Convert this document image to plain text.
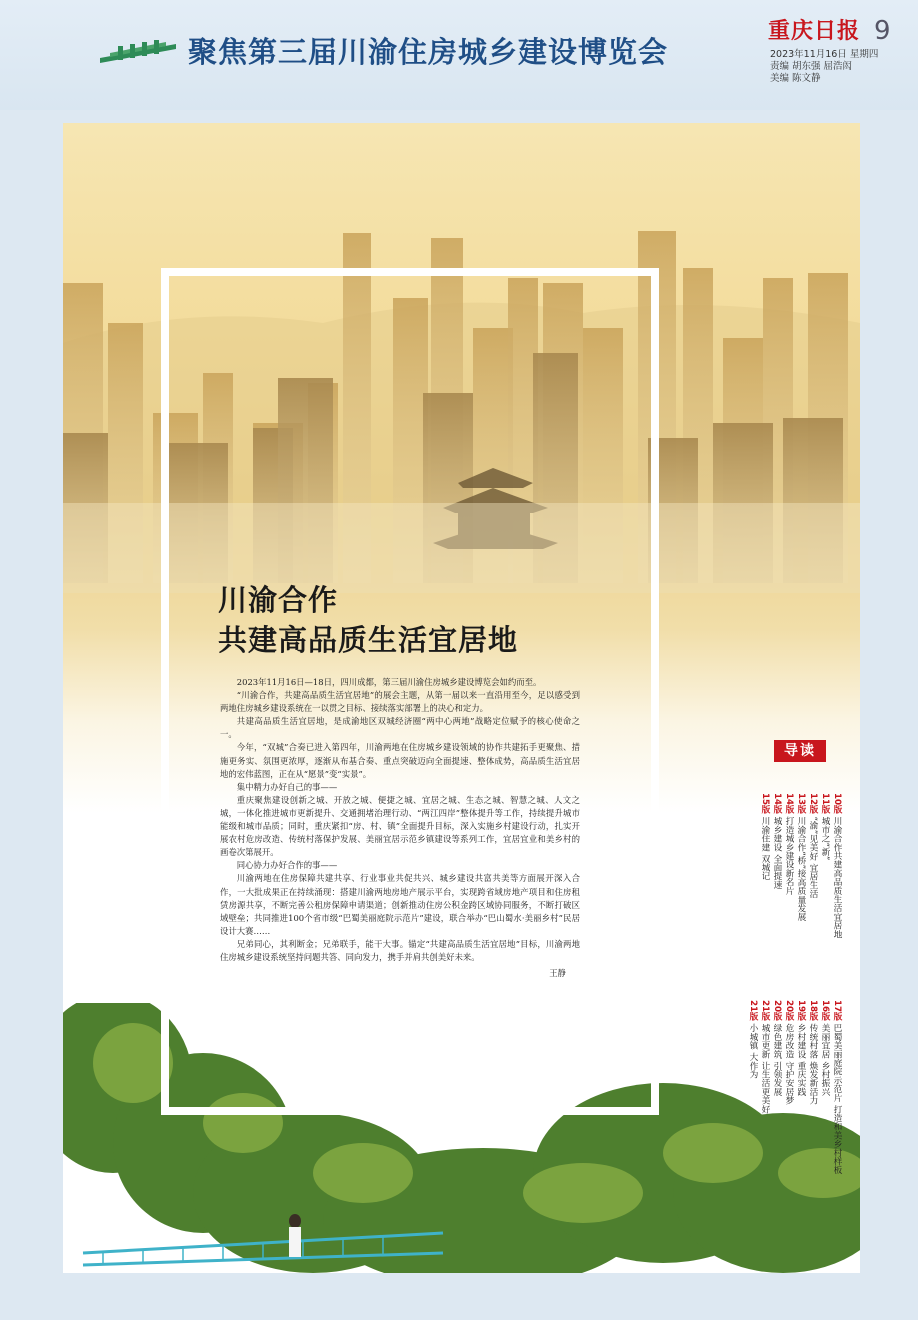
聚焦第三届川渝住房城乡建设博览会
重庆日报 9
2023年11月16日 星期四
责编 胡东强 屈浩闳
美编 陈文静
川渝合作
共建高品质生活宜居地

2023年11月16日—18日，四川成都，第三届川渝住房城乡建设博览会如约而至。

“川渝合作，共建高品质生活宜居地”的展会主题，从第一届以来一直沿用至今，足以感受到两地住房城乡建设系统在一以贯之目标、接续落实部署上的决心和定力。

共建高品质生活宜居地，是成渝地区双城经济圈“两中心两地”战略定位赋予的核心使命之一。

今年，“双城”合奏已进入第四年，川渝两地在住房城乡建设领域的协作共建拓手更聚焦、措施更务实、氛围更浓厚，逐渐从布基合奏、重点突破迈向全面提速、整体成势，高品质生活宜居地的宏伟蓝图，正在从“愿景”变“实景”。

集中精力办好自己的事——

重庆聚焦建设创新之城、开放之城、便捷之城、宜居之城、生态之城、智慧之城、人文之城，一体化推进城市更新提升、交通拥堵治理行动、“两江四岸”整体提升等工作，持续提升城市能级和城市品质；同时，重庆紧扣“房、村、镇”全面提升目标，深入实施乡村建设行动，扎实开展农村危房改造、传统村落保护发展、美丽宜居示范乡镇建设等系列工作，宜居宜业和美乡村的画卷次第展开。

同心协力办好合作的事——

川渝两地在住房保障共建共享、行业事业共促共兴、城乡建设共富共美等方面展开深入合作，一大批成果正在持续涌现：搭建川渝两地房地产展示平台，实现跨省域房地产项目和住房租赁房源共享，不断完善公租房保障申请渠道；创新推动住房公积金跨区域协同服务，不断打破区域壁垒；共同推进100个省市级“巴蜀美丽庭院示范片”建设，联合举办“巴山蜀水·美丽乡村”民居设计大赛……

兄弟同心，其利断金；兄弟联手，能干大事。锚定“共建高品质生活宜居地”目标，川渝两地住房城乡建设系统坚持问题共答、同向发力，携手并肩共创美好未来。

王静

导读
10版 川渝合作共建高品质生活宜居地
11版 城市之“新”
12版 “渝”见美好 宜居生活
13版 川渝合作“桥”接高质量发展
14版 打造城乡建设新名片
14版 城乡建设 全面提速
15版 川渝住建 双城记
17版 巴蜀美丽庭院示范片 打造和美乡村样板
16版 美丽宜居 乡村振兴
18版 传统村落 焕发新活力
19版 乡村建设 重庆实践
20版 危房改造 守护安居梦
20版 绿色建筑 引领发展
21版 城市更新 让生活更美好
21版 小城镇 大作为
